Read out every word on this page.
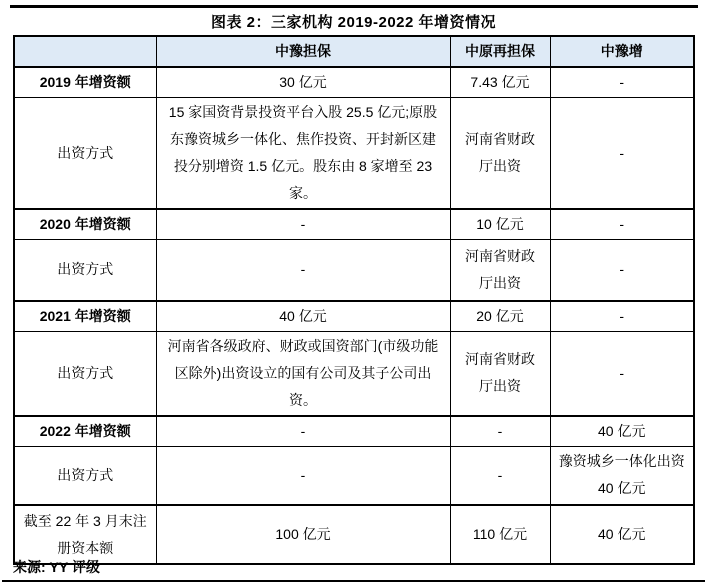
图表 2：三家机构 2019-2022 年增资情况
	中豫担保	中原再担保	中豫增
2019 年增资额	30 亿元	7.43 亿元	-
出资方式	15 家国资背景投资平台入股 25.5 亿元;原股东豫资城乡一体化、焦作投资、开封新区建投分别增资 1.5 亿元。股东由 8 家增至 23 家。	河南省财政厅出资	-
2020 年增资额	-	10 亿元	-
出资方式	-	河南省财政厅出资	-
2021 年增资额	40 亿元	20 亿元	-
出资方式	河南省各级政府、财政或国资部门(市级功能区除外)出资设立的国有公司及其子公司出资。	河南省财政厅出资	-
2022 年增资额	-	-	40 亿元
出资方式	-	-	豫资城乡一体化出资 40 亿元
截至 22 年 3 月末注册资本额	100 亿元	110 亿元	40 亿元
来源: YY 评级
